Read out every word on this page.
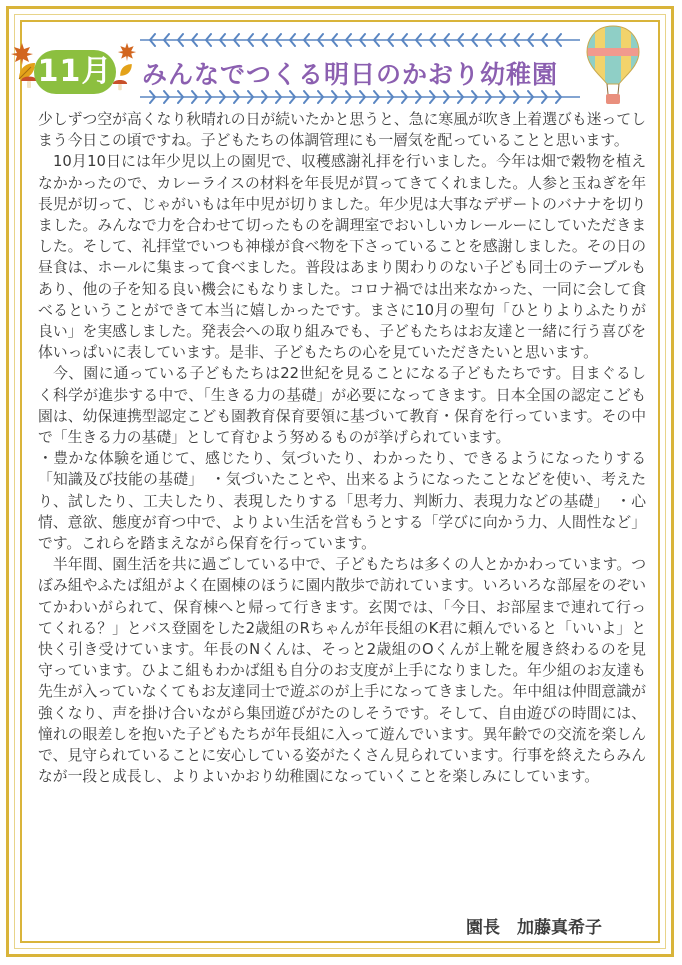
11月 みんなでつくる明日のかおり幼稚園

少しずつ空が高くなり秋晴れの日が続いたかと思うと、急に寒風が吹き上着選びも迷ってしまう今日この頃ですね。子どもたちの体調管理にも一層気を配っていることと思います。

　10月10日には年少児以上の園児で、収穫感謝礼拝を行いました。今年は畑で穀物を植えなかかったので、カレーライスの材料を年長児が買ってきてくれました。人参と玉ねぎを年長児が切って、じゃがいもは年中児が切りました。年少児は大事なデザートのバナナを切りました。みんなで力を合わせて切ったものを調理室でおいしいカレールーにしていただきました。そして、礼拝堂でいつも神様が食べ物を下さっていることを感謝しました。その日の昼食は、ホールに集まって食べました。普段はあまり関わりのない子ども同士のテーブルもあり、他の子を知る良い機会にもなりました。コロナ禍では出来なかった、一同に会して食べるということができて本当に嬉しかったです。まさに10月の聖句「ひとりよりふたりが良い」を実感しました。発表会への取り組みでも、子どもたちはお友達と一緒に行う喜びを体いっぱいに表しています。是非、子どもたちの心を見ていただきたいと思います。

　今、園に通っている子どもたちは22世紀を見ることになる子どもたちです。目まぐるしく科学が進歩する中で、「生きる力の基礎」が必要になってきます。日本全国の認定こども園は、幼保連携型認定こども園教育保育要領に基づいて教育・保育を行っています。その中で「生きる力の基礎」として育むよう努めるものが挙げられています。

・豊かな体験を通じて、感じたり、気づいたり、わかったり、できるようになったりする「知識及び技能の基礎」　・気づいたことや、出来るようになったことなどを使い、考えたり、試したり、工夫したり、表現したりする「思考力、判断力、表現力などの基礎」　・心情、意欲、態度が育つ中で、よりよい生活を営もうとする「学びに向かう力、人間性など」です。これらを踏まえながら保育を行っています。

　半年間、園生活を共に過ごしている中で、子どもたちは多くの人とかかわっています。つぼみ組やふたば組がよく在園棟のほうに園内散歩で訪れています。いろいろな部屋をのぞいてかわいがられて、保育棟へと帰って行きます。玄関では、「今日、お部屋まで連れて行ってくれる？」とバス登園をした2歳組のRちゃんが年長組のK君に頼んでいると「いいよ」と快く引き受けています。年長のNくんは、そっと2歳組のOくんが上靴を履き終わるのを見守っています。ひよこ組もわかば組も自分のお支度が上手になりました。年少組のお友達も先生が入っていなくてもお友達同士で遊ぶのが上手になってきました。年中組は仲間意識が強くなり、声を掛け合いながら集団遊びがたのしそうです。そして、自由遊びの時間には、憧れの眼差しを抱いた子どもたちが年長組に入って遊んでいます。異年齢での交流を楽しんで、見守られていることに安心している姿がたくさん見られています。行事を終えたらみんなが一段と成長し、よりよいかおり幼稚園になっていくことを楽しみにしています。

園長　加藤真希子
